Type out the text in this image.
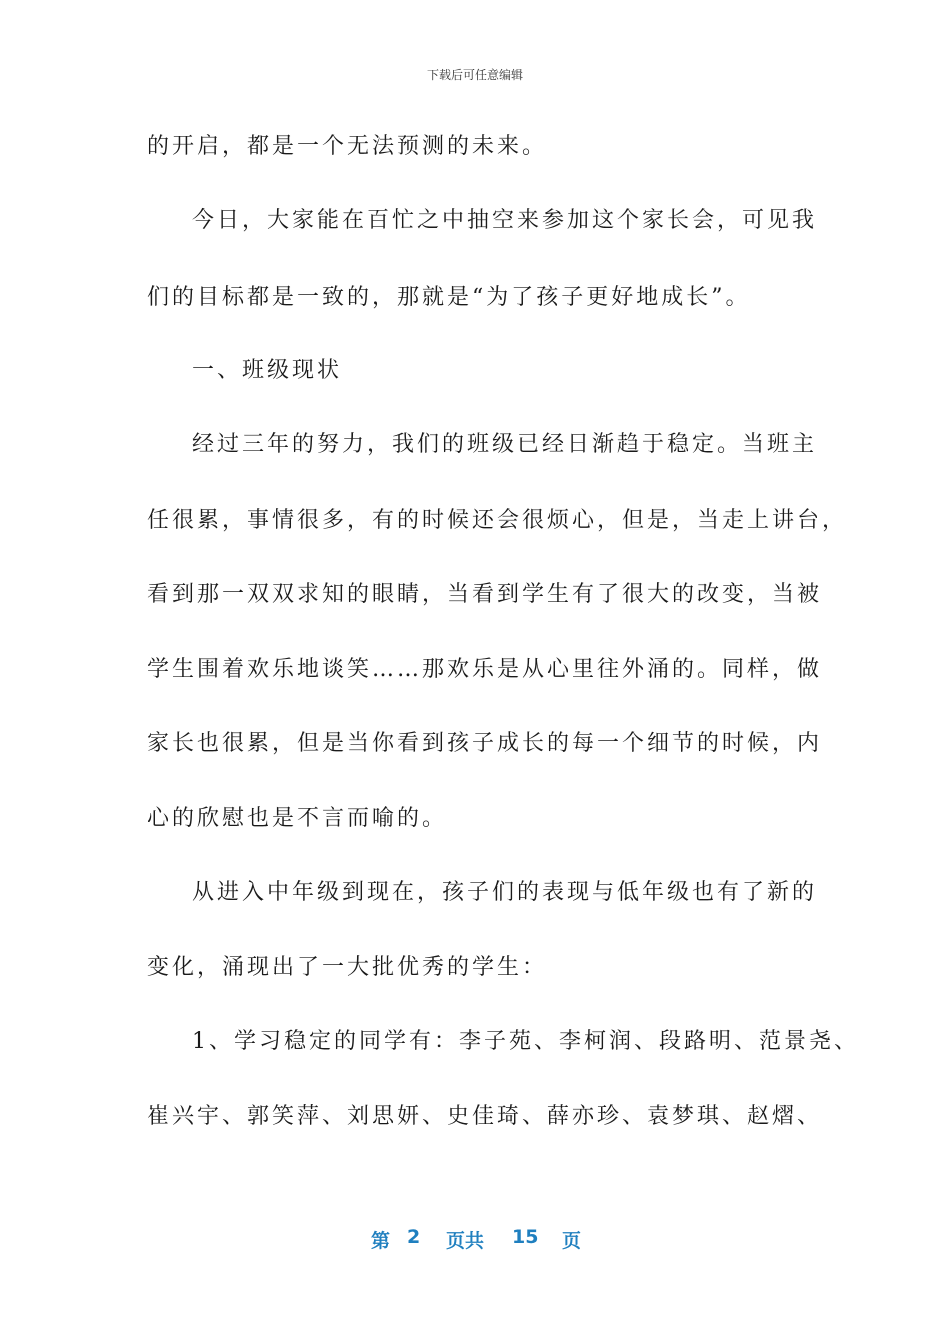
下载后可任意编辑
的开启，都是一个无法预测的未来。
今日，大家能在百忙之中抽空来参加这个家长会，可见我
们的目标都是一致的，那就是“为了孩子更好地成长”。
一、班级现状
经过三年的努力，我们的班级已经日渐趋于稳定。当班主
任很累，事情很多，有的时候还会很烦心，但是，当走上讲台，
看到那一双双求知的眼睛，当看到学生有了很大的改变，当被
学生围着欢乐地谈笑……那欢乐是从心里往外涌的。同样，做
家长也很累，但是当你看到孩子成长的每一个细节的时候，内
心的欣慰也是不言而喻的。
从进入中年级到现在，孩子们的表现与低年级也有了新的
变化，涌现出了一大批优秀的学生：
1、学习稳定的同学有：李子苑、李柯润、段路明、范景尧、
崔兴宇、郭笑萍、刘思妍、史佳琦、薛亦珍、袁梦琪、赵熠、
第 2 页共 15 页
